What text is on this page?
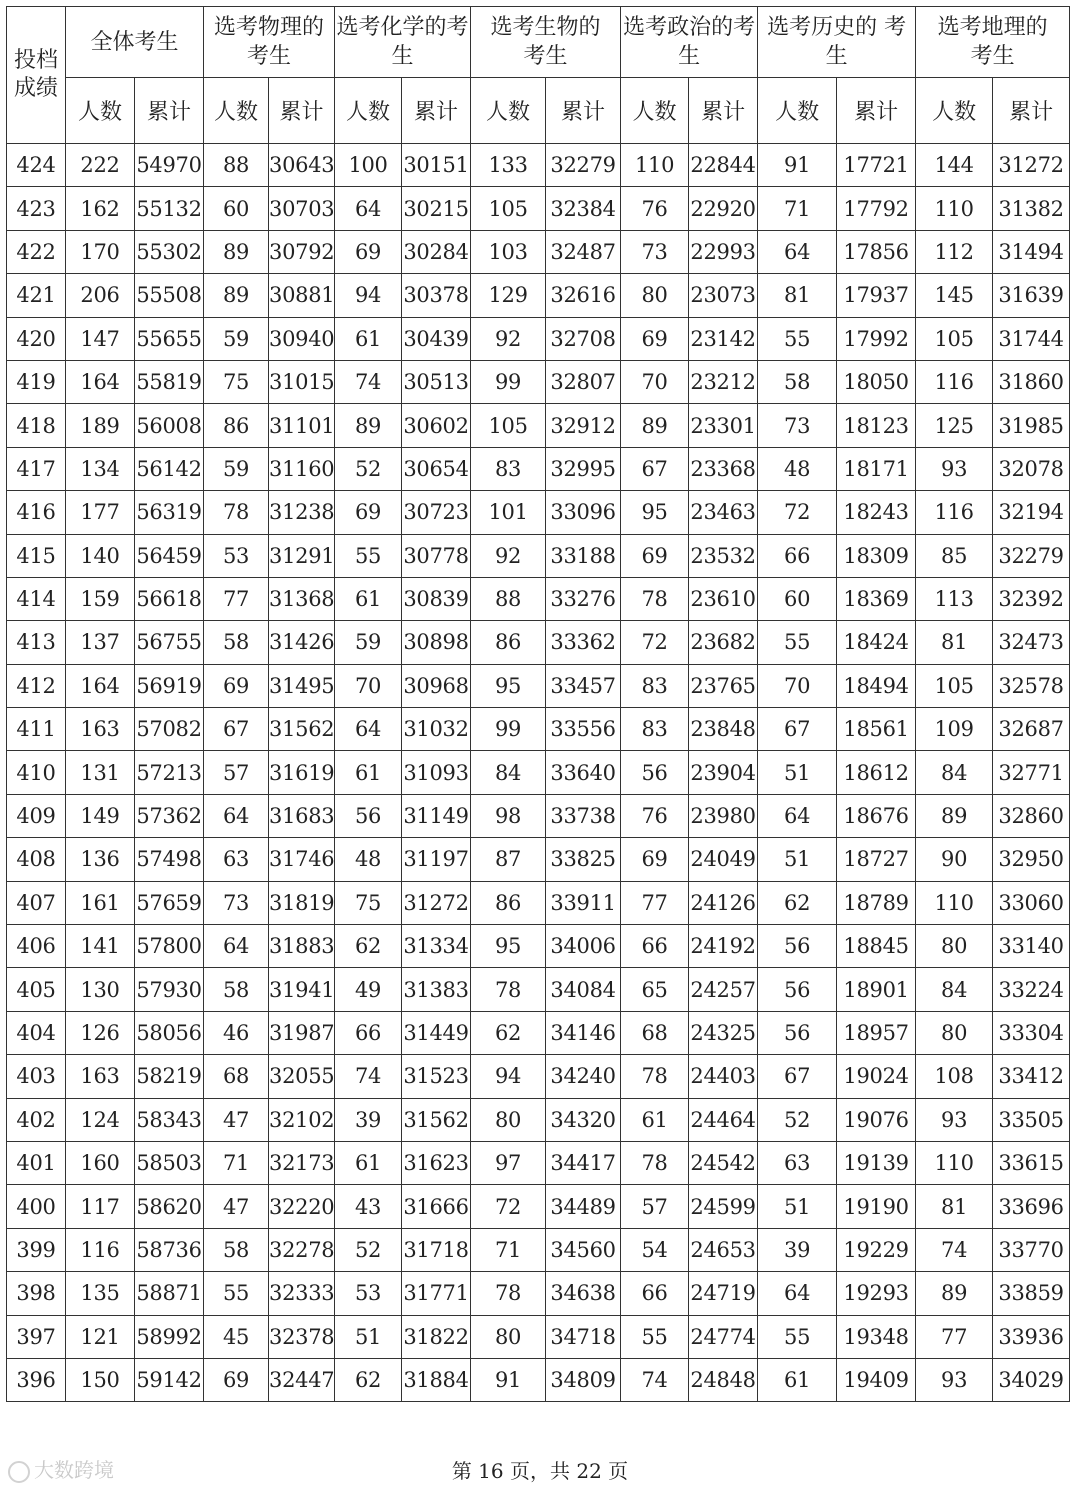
投档成绩	全体考生		选考物理的考生		选考化学的考生		选考生物的考生		选考政治的考生		选考历史的 考生		选考地理的考生	
	人数	累计	人数	累计	人数	累计	人数	累计	人数	累计	人数	累计	人数	累计
424	222	54970	88	30643	100	30151	133	32279	110	22844	91	17721	144	31272
423	162	55132	60	30703	64	30215	105	32384	76	22920	71	17792	110	31382
422	170	55302	89	30792	69	30284	103	32487	73	22993	64	17856	112	31494
421	206	55508	89	30881	94	30378	129	32616	80	23073	81	17937	145	31639
420	147	55655	59	30940	61	30439	92	32708	69	23142	55	17992	105	31744
419	164	55819	75	31015	74	30513	99	32807	70	23212	58	18050	116	31860
418	189	56008	86	31101	89	30602	105	32912	89	23301	73	18123	125	31985
417	134	56142	59	31160	52	30654	83	32995	67	23368	48	18171	93	32078
416	177	56319	78	31238	69	30723	101	33096	95	23463	72	18243	116	32194
415	140	56459	53	31291	55	30778	92	33188	69	23532	66	18309	85	32279
414	159	56618	77	31368	61	30839	88	33276	78	23610	60	18369	113	32392
413	137	56755	58	31426	59	30898	86	33362	72	23682	55	18424	81	32473
412	164	56919	69	31495	70	30968	95	33457	83	23765	70	18494	105	32578
411	163	57082	67	31562	64	31032	99	33556	83	23848	67	18561	109	32687
410	131	57213	57	31619	61	31093	84	33640	56	23904	51	18612	84	32771
409	149	57362	64	31683	56	31149	98	33738	76	23980	64	18676	89	32860
408	136	57498	63	31746	48	31197	87	33825	69	24049	51	18727	90	32950
407	161	57659	73	31819	75	31272	86	33911	77	24126	62	18789	110	33060
406	141	57800	64	31883	62	31334	95	34006	66	24192	56	18845	80	33140
405	130	57930	58	31941	49	31383	78	34084	65	24257	56	18901	84	33224
404	126	58056	46	31987	66	31449	62	34146	68	24325	56	18957	80	33304
403	163	58219	68	32055	74	31523	94	34240	78	24403	67	19024	108	33412
402	124	58343	47	32102	39	31562	80	34320	61	24464	52	19076	93	33505
401	160	58503	71	32173	61	31623	97	34417	78	24542	63	19139	110	33615
400	117	58620	47	32220	43	31666	72	34489	57	24599	51	19190	81	33696
399	116	58736	58	32278	52	31718	71	34560	54	24653	39	19229	74	33770
398	135	58871	55	32333	53	31771	78	34638	66	24719	64	19293	89	33859
397	121	58992	45	32378	51	31822	80	34718	55	24774	55	19348	77	33936
396	150	59142	69	32447	62	31884	91	34809	74	24848	61	19409	93	34029
大数跨境	第 16 页，共 22 页
